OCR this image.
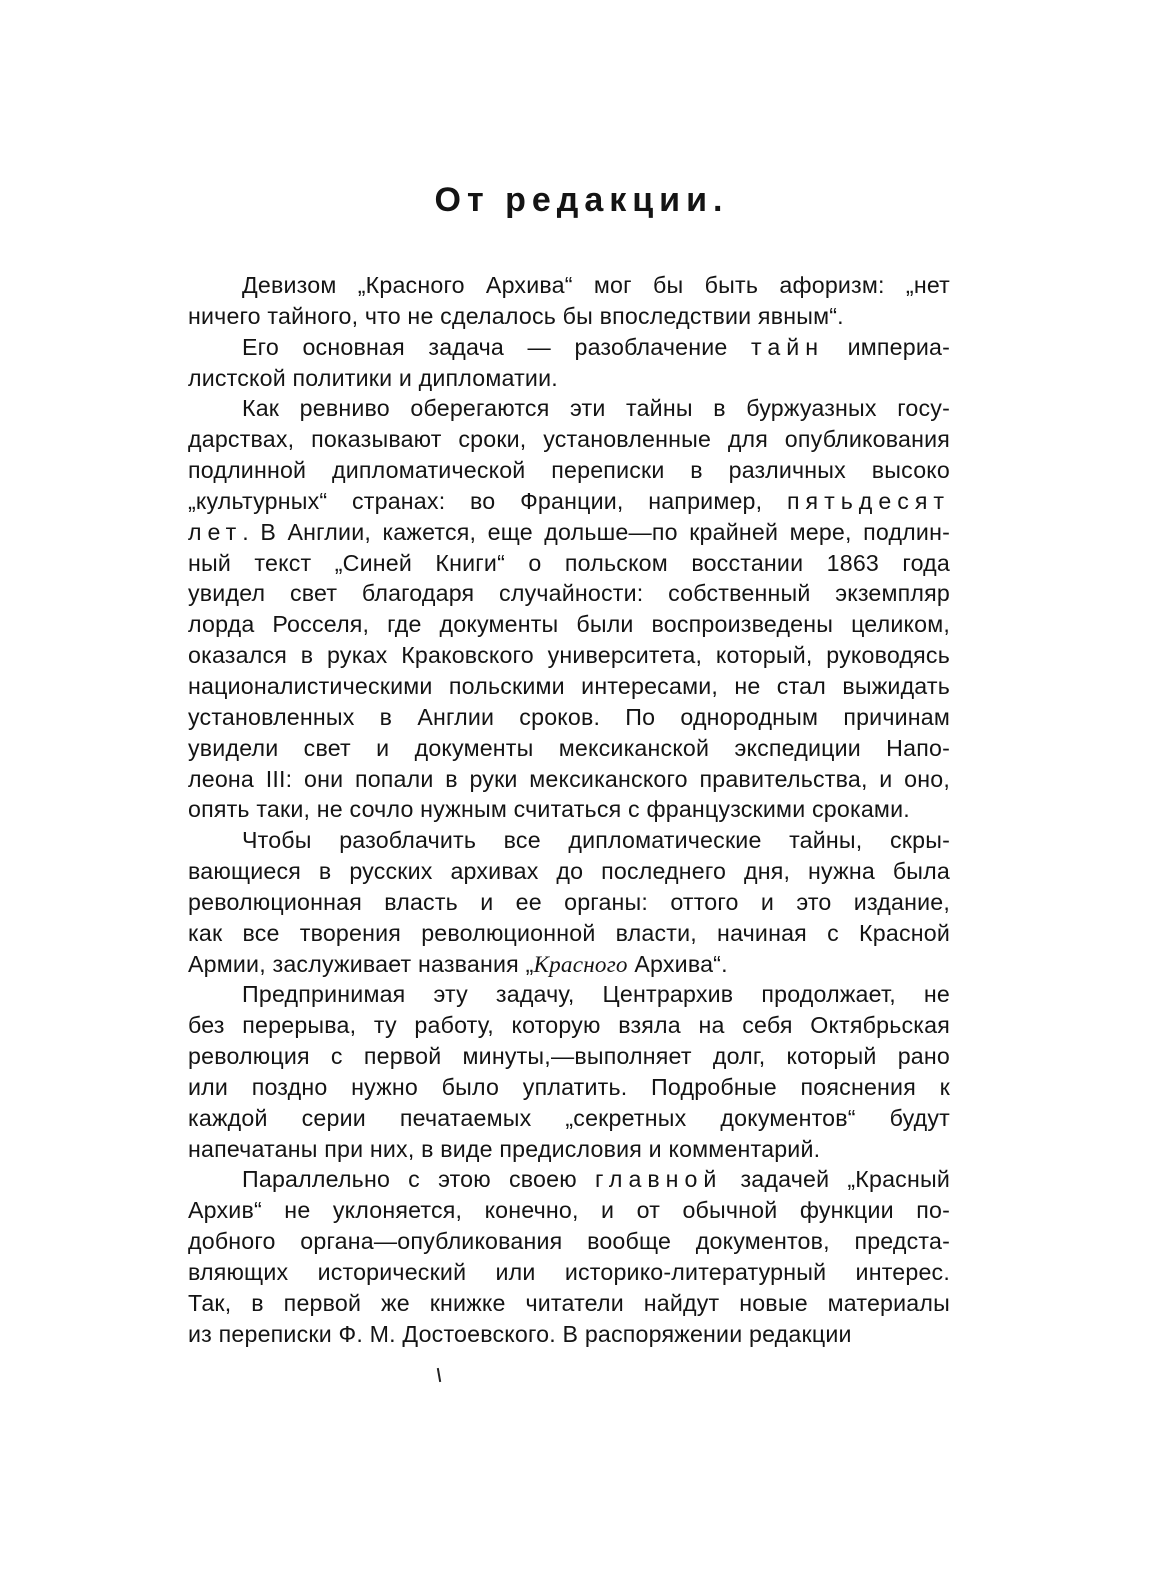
От редакции.
Девизом „Красного Архива“ мог бы быть афоризм: „нет
ничего тайного, что не сделалось бы впоследствии явным“.
Его основная задача — разоблачение тайн империа-
листской политики и дипломатии.
Как ревниво оберегаются эти тайны в буржуазных госу-
дарствах, показывают сроки, установленные для опубликования
подлинной дипломатической переписки в различных высоко
„культурных“ странах: во Франции, например, пятьдесят
лет. В Англии, кажется, еще дольше—по крайней мере, подлин-
ный текст „Синей Книги“ о польском восстании 1863 года
увидел свет благодаря случайности: собственный экземпляр
лорда Росселя, где документы были воспроизведены целиком,
оказался в руках Краковского университета, который, руководясь
националистическими польскими интересами, не стал выжидать
установленных в Англии сроков. По однородным причинам
увидели свет и документы мексиканской экспедиции Напо-
леона III: они попали в руки мексиканского правительства, и оно,
опять таки, не сочло нужным считаться с французскими сроками.
Чтобы разоблачить все дипломатические тайны, скры-
вающиеся в русских архивах до последнего дня, нужна была
революционная власть и ее органы: оттого и это издание,
как все творения революционной власти, начиная с Красной
Армии, заслуживает названия „Красного Архива“.
Предпринимая эту задачу, Центрархив продолжает, не
без перерыва, ту работу, которую взяла на себя Октябрьская
революция с первой минуты,—выполняет долг, который рано
или поздно нужно было уплатить. Подробные пояснения к
каждой серии печатаемых „секретных документов“ будут
напечатаны при них, в виде предисловия и комментарий.
Параллельно с этою своею главной задачей „Красный
Архив“ не уклоняется, конечно, и от обычной функции по-
добного органа—опубликования вообще документов, предста-
вляющих исторический или историко-литературный интерес.
Так, в первой же книжке читатели найдут новые материалы
из переписки Ф. М. Достоевского. В распоряжении редакции
